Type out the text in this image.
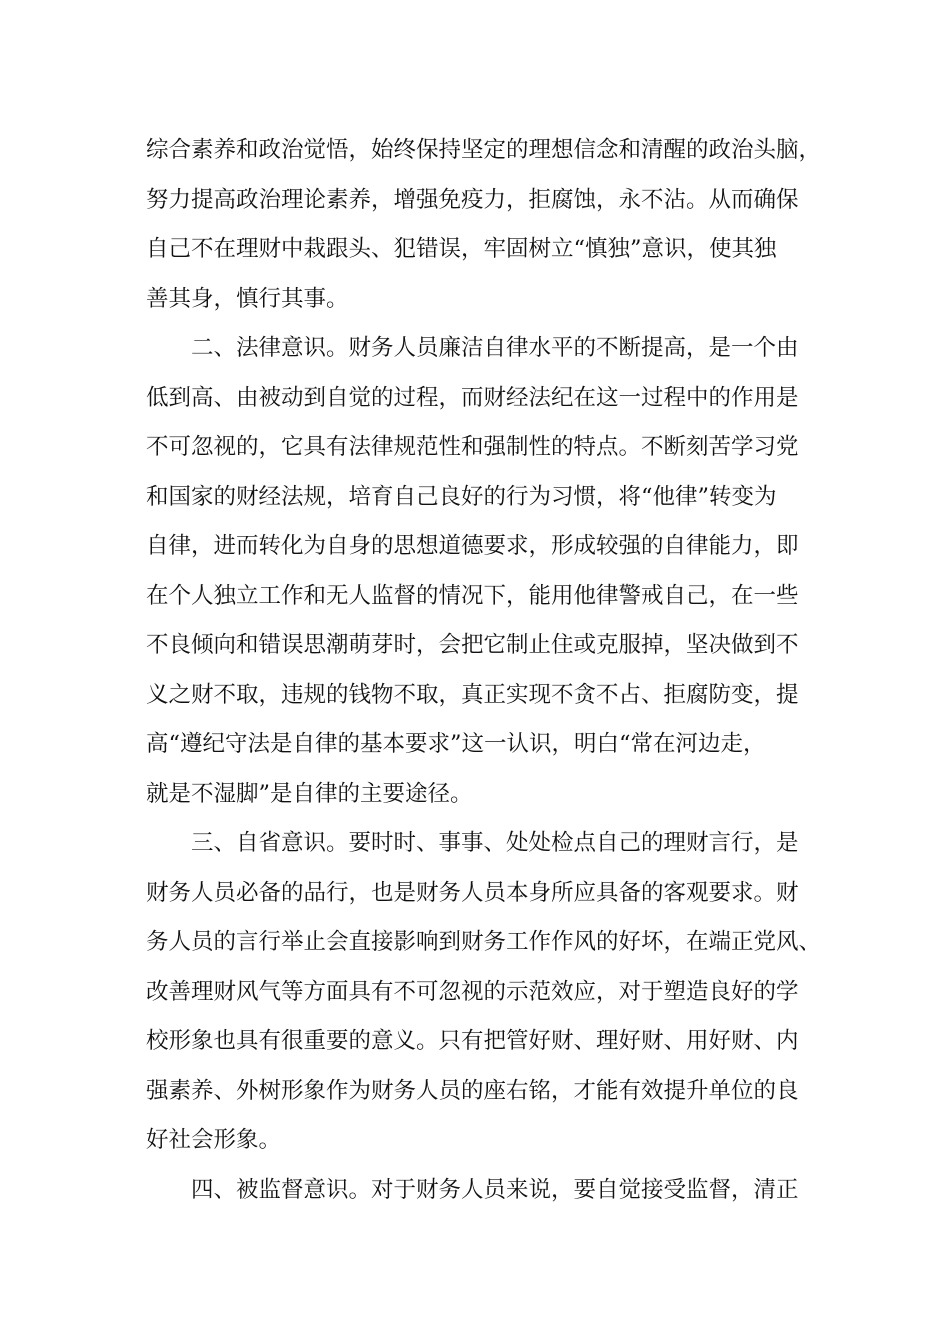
综合素养和政治觉悟，始终保持坚定的理想信念和清醒的政治头脑，
努力提高政治理论素养，增强免疫力，拒腐蚀，永不沾。从而确保
自己不在理财中栽跟头、犯错误，牢固树立“慎独”意识，使其独
善其身，慎行其事。
二、法律意识。财务人员廉洁自律水平的不断提高，是一个由
低到高、由被动到自觉的过程，而财经法纪在这一过程中的作用是
不可忽视的，它具有法律规范性和强制性的特点。不断刻苦学习党
和国家的财经法规，培育自己良好的行为习惯，将“他律”转变为
自律，进而转化为自身的思想道德要求，形成较强的自律能力，即
在个人独立工作和无人监督的情况下，能用他律警戒自己，在一些
不良倾向和错误思潮萌芽时，会把它制止住或克服掉，坚决做到不
义之财不取，违规的钱物不取，真正实现不贪不占、拒腐防变，提
高“遵纪守法是自律的基本要求”这一认识，明白“常在河边走，
就是不湿脚”是自律的主要途径。
三、自省意识。要时时、事事、处处检点自己的理财言行，是
财务人员必备的品行，也是财务人员本身所应具备的客观要求。财
务人员的言行举止会直接影响到财务工作作风的好坏，在端正党风、
改善理财风气等方面具有不可忽视的示范效应，对于塑造良好的学
校形象也具有很重要的意义。只有把管好财、理好财、用好财、内
强素养、外树形象作为财务人员的座右铭，才能有效提升单位的良
好社会形象。
四、被监督意识。对于财务人员来说，要自觉接受监督，清正
